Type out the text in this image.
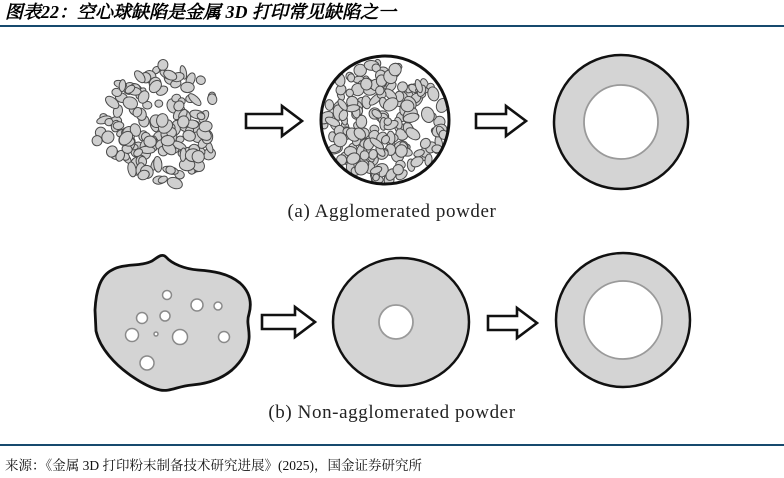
图表22：空心球缺陷是金属 3D 打印常见缺陷之一
(a) Agglomerated powder
(b) Non-agglomerated powder
来源：《金属 3D 打印粉末制备技术研究进展》(2025)，国金证券研究所
